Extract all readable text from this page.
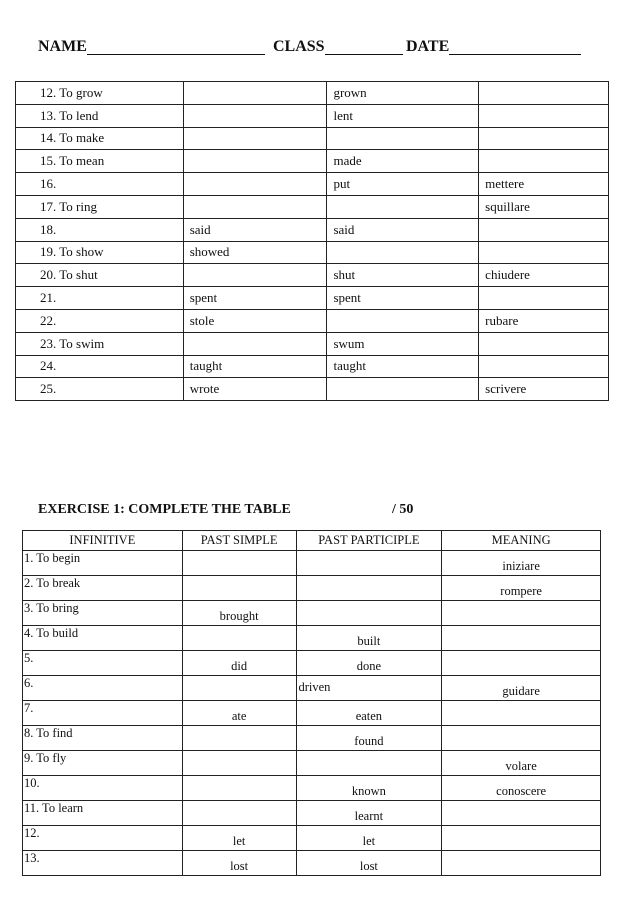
NAME	CLASS	DATE
12. To grow		grown	
13. To lend		lent	
14. To make			
15. To mean		made	
16.		put	mettere
17. To ring			squillare
18.	said	said	
19. To show	showed		
20. To shut		shut	chiudere
21.	spent	spent	
22.	stole		rubare
23. To swim		swum	
24.	taught	taught	
25.	wrote		scrivere
EXERCISE 1: COMPLETE THE TABLE	/ 50
INFINITIVE	PAST SIMPLE	PAST PARTICIPLE	MEANING
1. To begin			iniziare
2. To break			rompere
3. To bring	brought		
4. To build		built	
5.	did	done	
6.		driven	guidare
7.	ate	eaten	
8. To find		found	
9. To fly			volare
10.		known	conoscere
11. To learn		learnt	
12.	let	let	
13.	lost	lost	
